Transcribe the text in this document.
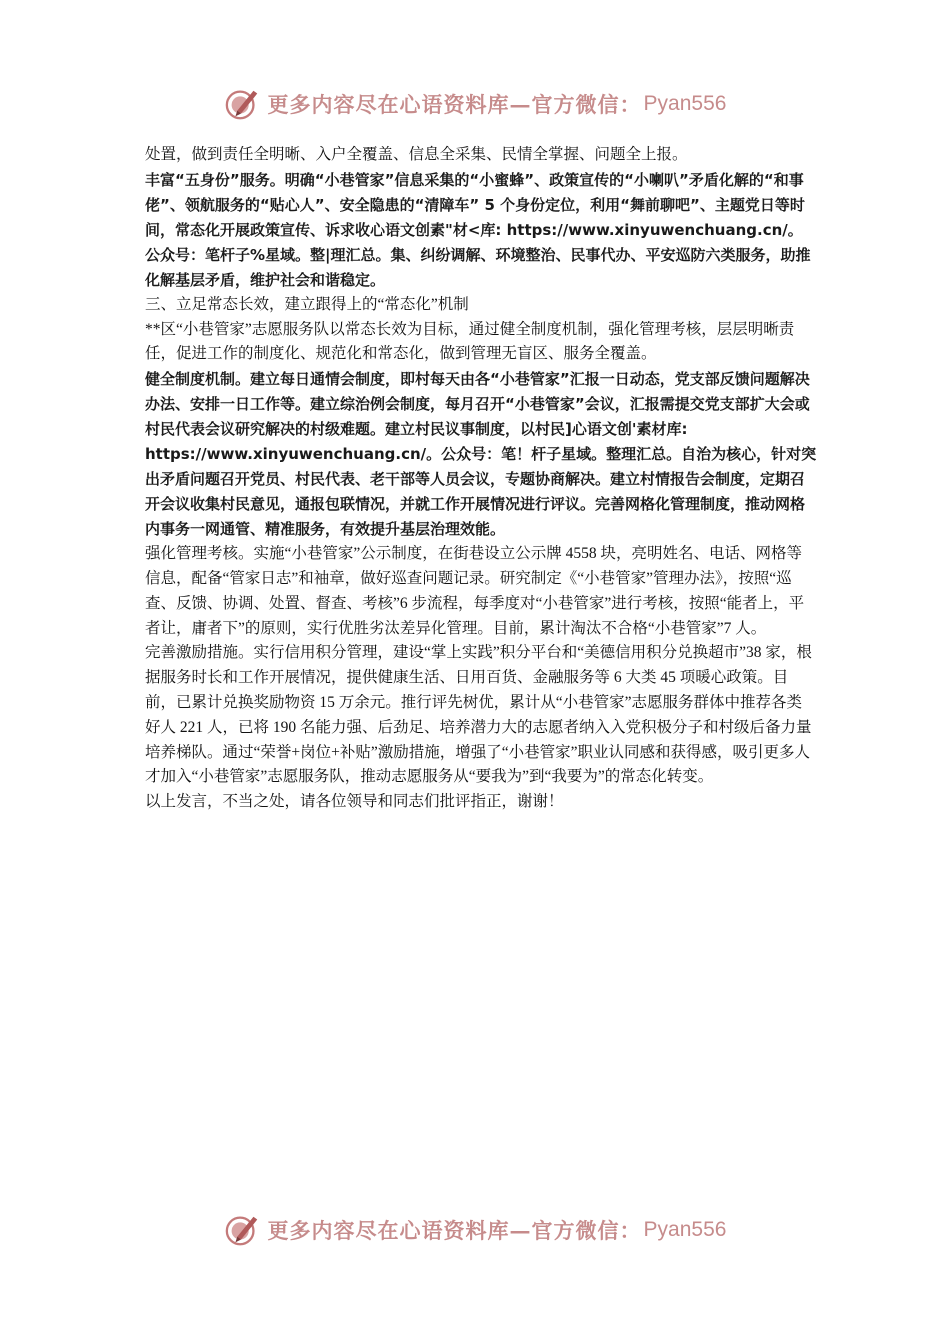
更多内容尽在心语资料库—官方微信： Pyan556

处置，做到责任全明晰、入户全覆盖、信息全采集、民情全掌握、问题全上报。

丰富“五身份”服务。明确“小巷管家”信息采集的“小蜜蜂”、政策宣传的“小喇叭”矛盾化解的“和事佬”、领航服务的“贴心人”、安全隐患的“清障车” 5 个身份定位，利用“舞前聊吧”、主题党日等时间，常态化开展政策宣传、诉求收心语文创素"材<库: https://www.xinyuwenchuang.cn/。公众号：笔杆子%星域。整|理汇总。集、纠纷调解、环境整治、民事代办、平安巡防六类服务，助推化解基层矛盾，维护社会和谐稳定。

三、立足常态长效，建立跟得上的“常态化”机制

**区“小巷管家”志愿服务队以常态长效为目标，通过健全制度机制，强化管理考核，层层明晰责任，促进工作的制度化、规范化和常态化，做到管理无盲区、服务全覆盖。

健全制度机制。建立每日通情会制度，即村每天由各“小巷管家”汇报一日动态，党支部反馈问题解决办法、安排一日工作等。建立综治例会制度，每月召开“小巷管家”会议，汇报需提交党支部扩大会或村民代表会议研究解决的村级难题。建立村民议事制度，以村民]心语文创'素材库: https://www.xinyuwenchuang.cn/。公众号：笔！杆子星域。整理汇总。自治为核心，针对突出矛盾问题召开党员、村民代表、老干部等人员会议，专题协商解决。建立村情报告会制度，定期召开会议收集村民意见，通报包联情况，并就工作开展情况进行评议。完善网格化管理制度，推动网格内事务一网通管、精准服务，有效提升基层治理效能。

强化管理考核。实施“小巷管家”公示制度，在街巷设立公示牌 4558 块，亮明姓名、电话、网格等信息，配备“管家日志”和袖章，做好巡查问题记录。研究制定《“小巷管家”管理办法》，按照“巡查、反馈、协调、处置、督查、考核”6 步流程，每季度对“小巷管家”进行考核，按照“能者上，平者让，庸者下”的原则，实行优胜劣汰差异化管理。目前，累计淘汰不合格“小巷管家”7 人。

完善激励措施。实行信用积分管理，建设“掌上实践”积分平台和“美德信用积分兑换超市”38 家，根据服务时长和工作开展情况，提供健康生活、日用百货、金融服务等 6 大类 45 项暖心政策。目前，已累计兑换奖励物资 15 万余元。推行评先树优，累计从“小巷管家”志愿服务群体中推荐各类好人 221 人，已将 190 名能力强、后劲足、培养潜力大的志愿者纳入入党积极分子和村级后备力量培养梯队。通过“荣誉+岗位+补贴”激励措施，增强了“小巷管家”职业认同感和获得感，吸引更多人才加入“小巷管家”志愿服务队，推动志愿服务从“要我为”到“我要为”的常态化转变。

以上发言，不当之处，请各位领导和同志们批评指正，谢谢！

更多内容尽在心语资料库—官方微信： Pyan556
